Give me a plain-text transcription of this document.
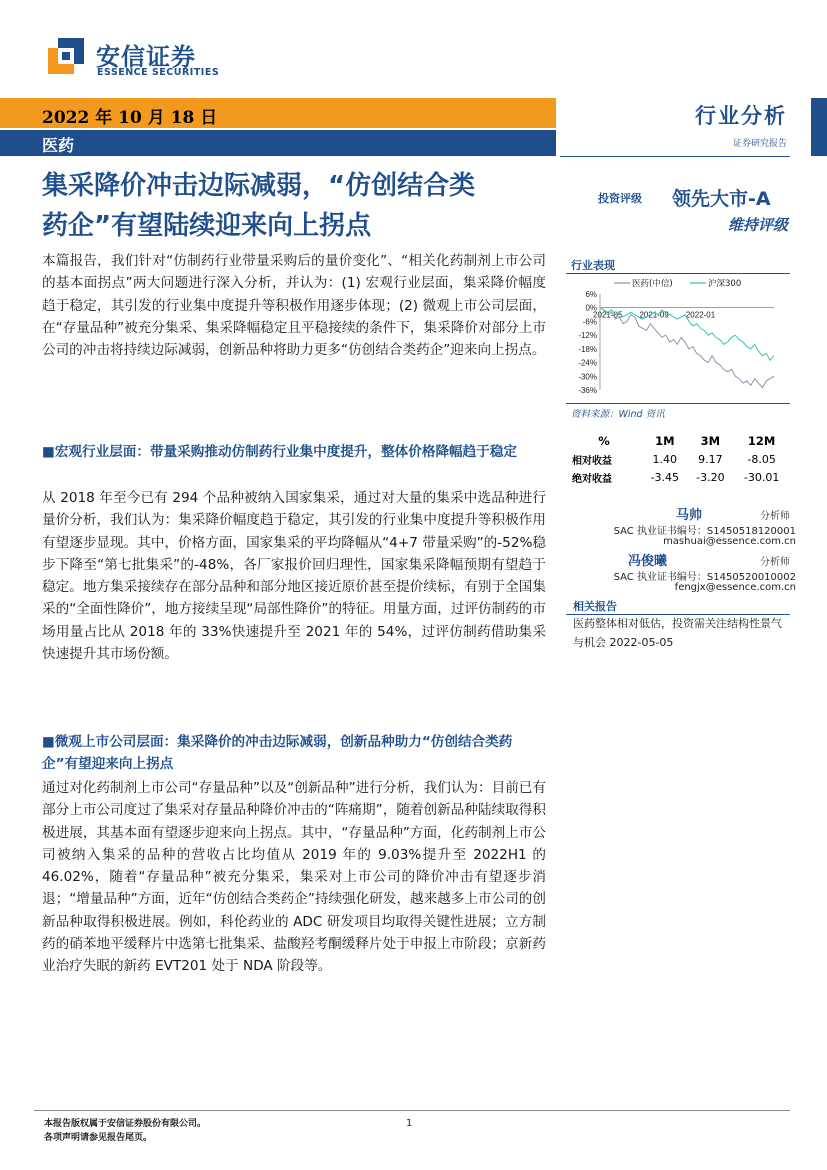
安信证券
ESSENCE SECURITIES
2022 年 10 月 18 日
医药
行业分析
证券研究报告
集采降价冲击边际减弱，“仿创结合类
药企”有望陆续迎来向上拐点
投资评级 领先大市-A
维持评级
本篇报告，我们针对“仿制药行业带量采购后的量价变化”、“相关化药制剂上市公司的基本面拐点”两大问题进行深入分析，并认为：(1) 宏观行业层面，集采降价幅度趋于稳定，其引发的行业集中度提升等积极作用逐步体现；(2) 微观上市公司层面，在“存量品种”被充分集采、集采降幅稳定且平稳接续的条件下，集采降价对部分上市公司的冲击将持续边际减弱，创新品种将助力更多“仿创结合类药企”迎来向上拐点。
■宏观行业层面：带量采购推动仿制药行业集中度提升，整体价格降幅趋于稳定
从 2018 年至今已有 294 个品种被纳入国家集采，通过对大量的集采中选品种进行量价分析，我们认为：集采降价幅度趋于稳定，其引发的行业集中度提升等积极作用有望逐步显现。其中，价格方面，国家集采的平均降幅从“4+7 带量采购”的-52%稳步下降至“第七批集采”的-48%，各厂家报价回归理性，国家集采降幅预期有望趋于稳定。地方集采接续存在部分品种和部分地区接近原价甚至提价续标，有别于全国集采的“全面性降价”，地方接续呈现“局部性降价”的特征。用量方面，过评仿制药的市场用量占比从 2018 年的 33%快速提升至 2021 年的 54%，过评仿制药借助集采快速提升其市场份额。
■微观上市公司层面：集采降价的冲击边际减弱，创新品种助力“仿创结合类药企”有望迎来向上拐点
通过对化药制剂上市公司“存量品种”以及“创新品种”进行分析，我们认为：目前已有部分上市公司度过了集采对存量品种降价冲击的“阵痛期”，随着创新品种陆续取得积极进展，其基本面有望逐步迎来向上拐点。其中，“存量品种”方面，化药制剂上市公司被纳入集采的品种的营收占比均值从 2019 年的 9.03%提升至 2022H1 的 46.02%，随着“存量品种”被充分集采，集采对上市公司的降价冲击有望逐步消退；“增量品种”方面，近年“仿创结合类药企”持续强化研发，越来越多上市公司的创新品种取得积极进展。例如，科伦药业的 ADC 研发项目均取得关键性进展；立方制药的硝苯地平缓释片中选第七批集采、盐酸羟考酮缓释片处于申报上市阶段；京新药业治疗失眠的新药 EVT201 处于 NDA 阶段等。
行业表现
6%
0%
-6%
-12%
-18%
-24%
-30%
-36%
2021-05 2021-09 2022-01
医药(中信)	沪深300
资料来源：Wind 资讯
%	1M	3M	12M
相对收益	1.40	9.17	-8.05
绝对收益	-3.45	-3.20	-30.01
马帅	分析师
SAC 执业证书编号：S1450518120001
mashuai@essence.com.cn
冯俊曦	分析师
SAC 执业证书编号：S1450520010002
fengjx@essence.com.cn
相关报告
医药整体相对低估，投资需关注结构性景气与机会 2022-05-05
本报告版权属于安信证券股份有限公司。
各项声明请参见报告尾页。
1
